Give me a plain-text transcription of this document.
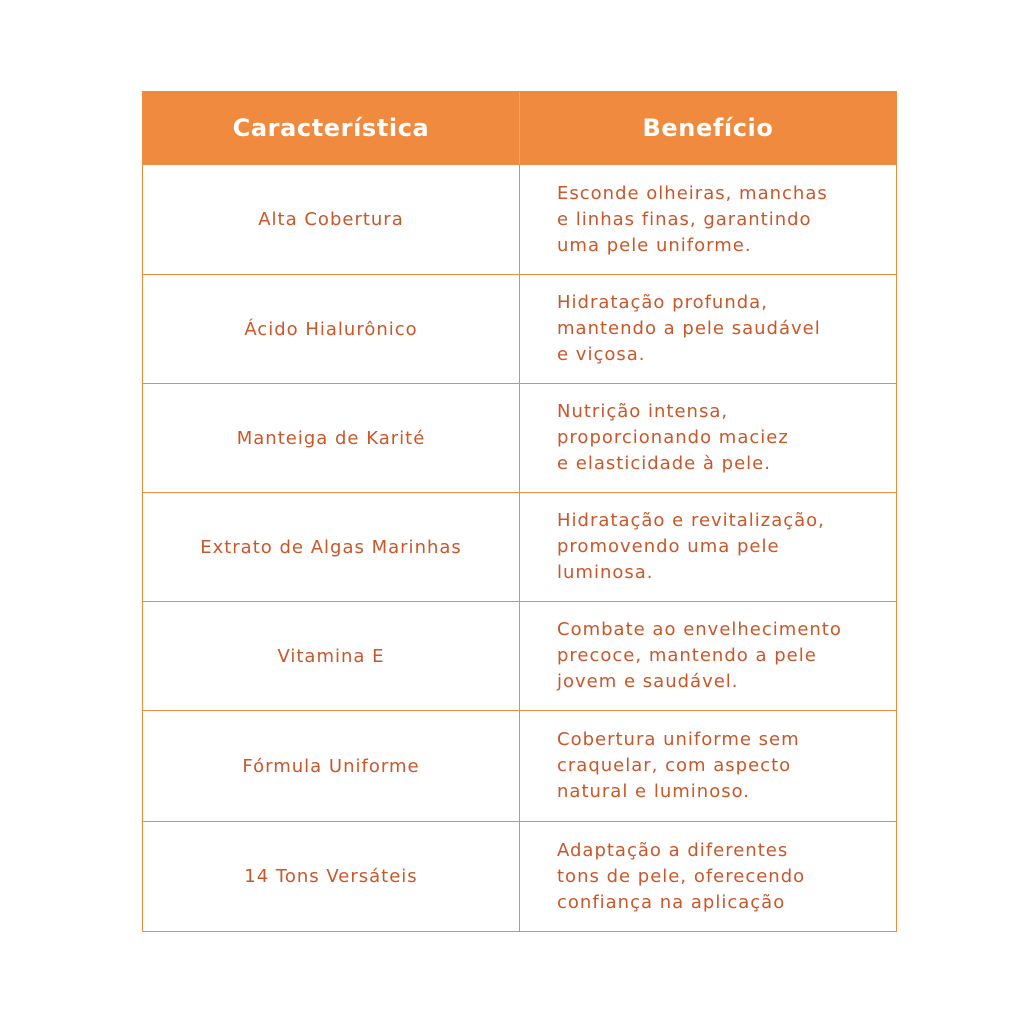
Característica	Benefício
Alta Cobertura
Esconde olheiras, manchas
e linhas finas, garantindo
uma pele uniforme.
Ácido Hialurônico
Hidratação profunda,
mantendo a pele saudável
e viçosa.
Manteiga de Karité
Nutrição intensa,
proporcionando maciez
e elasticidade à pele.
Extrato de Algas Marinhas
Hidratação e revitalização,
promovendo uma pele
luminosa.
Vitamina E
Combate ao envelhecimento
precoce, mantendo a pele
jovem e saudável.
Fórmula Uniforme
Cobertura uniforme sem
craquelar, com aspecto
natural e luminoso.
14 Tons Versáteis
Adaptação a diferentes
tons de pele, oferecendo
confiança na aplicação
